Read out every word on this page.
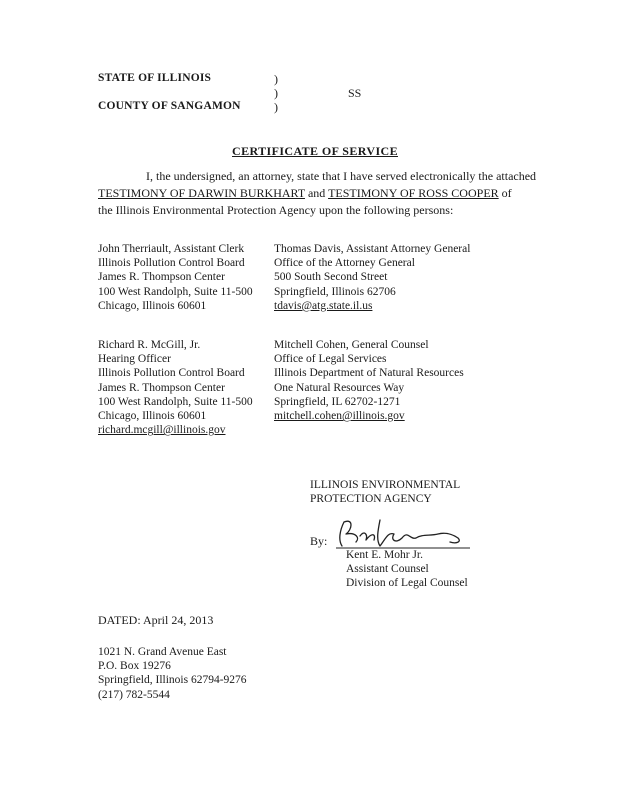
STATE OF ILLINOIS
COUNTY OF SANGAMON
)
)
)
SS
CERTIFICATE OF SERVICE
I, the undersigned, an attorney, state that I have served electronically the attached
TESTIMONY OF DARWIN BURKHART and TESTIMONY OF ROSS COOPER of
the Illinois Environmental Protection Agency upon the following persons:
John Therriault, Assistant Clerk
Illinois Pollution Control Board
James R. Thompson Center
100 West Randolph, Suite 11-500
Chicago, Illinois 60601
Thomas Davis, Assistant Attorney General
Office of the Attorney General
500 South Second Street
Springfield, Illinois 62706
tdavis@atg.state.il.us
Richard R. McGill, Jr.
Hearing Officer
Illinois Pollution Control Board
James R. Thompson Center
100 West Randolph, Suite 11-500
Chicago, Illinois 60601
richard.mcgill@illinois.gov
Mitchell Cohen, General Counsel
Office of Legal Services
Illinois Department of Natural Resources
One Natural Resources Way
Springfield, IL 62702-1271
mitchell.cohen@illinois.gov
ILLINOIS ENVIRONMENTAL
PROTECTION AGENCY
By:
Kent E. Mohr Jr.
Assistant Counsel
Division of Legal Counsel
DATED: April 24, 2013
1021 N. Grand Avenue East
P.O. Box 19276
Springfield, Illinois 62794-9276
(217) 782-5544
